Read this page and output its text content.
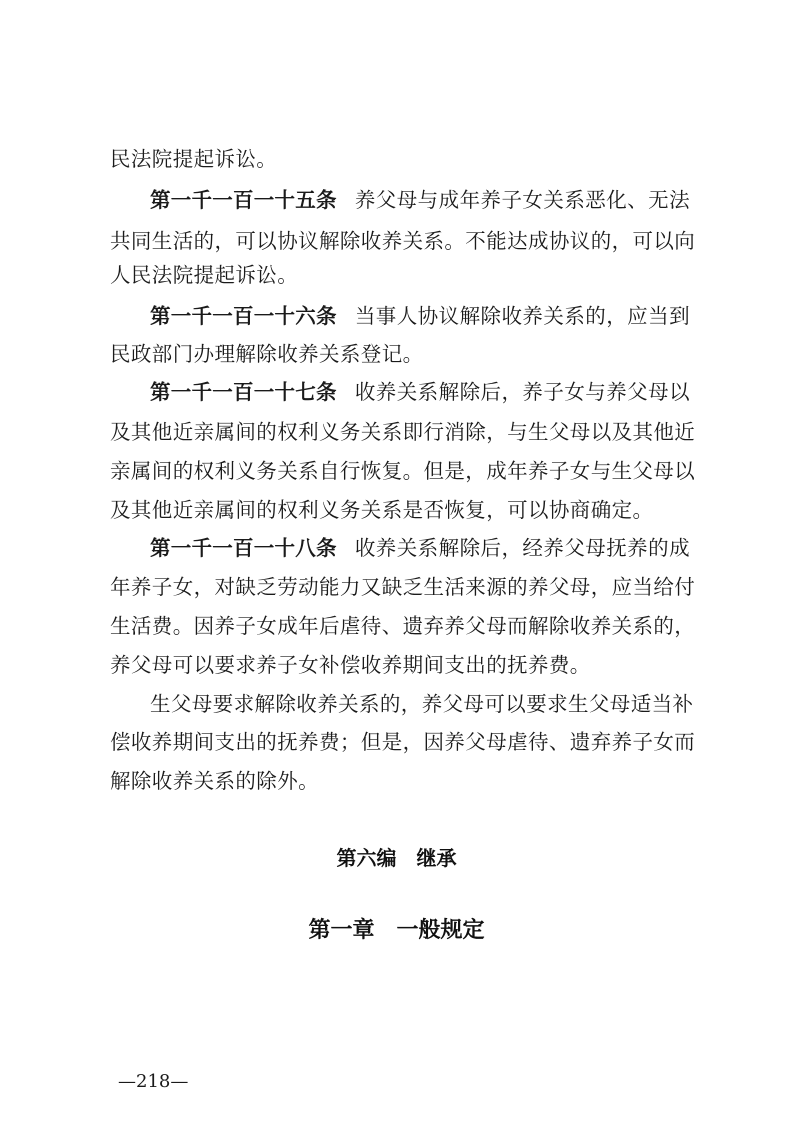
民法院提起诉讼。
第一千一百一十五条 养父母与成年养子女关系恶化、无法
共同生活的，可以协议解除收养关系。不能达成协议的，可以向
人民法院提起诉讼。
第一千一百一十六条 当事人协议解除收养关系的，应当到
民政部门办理解除收养关系登记。
第一千一百一十七条 收养关系解除后，养子女与养父母以
及其他近亲属间的权利义务关系即行消除，与生父母以及其他近
亲属间的权利义务关系自行恢复。但是，成年养子女与生父母以
及其他近亲属间的权利义务关系是否恢复，可以协商确定。
第一千一百一十八条 收养关系解除后，经养父母抚养的成
年养子女，对缺乏劳动能力又缺乏生活来源的养父母，应当给付
生活费。因养子女成年后虐待、遗弃养父母而解除收养关系的，
养父母可以要求养子女补偿收养期间支出的抚养费。
生父母要求解除收养关系的，养父母可以要求生父母适当补
偿收养期间支出的抚养费；但是，因养父母虐待、遗弃养子女而
解除收养关系的除外。
第六编　继承
第一章　一般规定
—218—
